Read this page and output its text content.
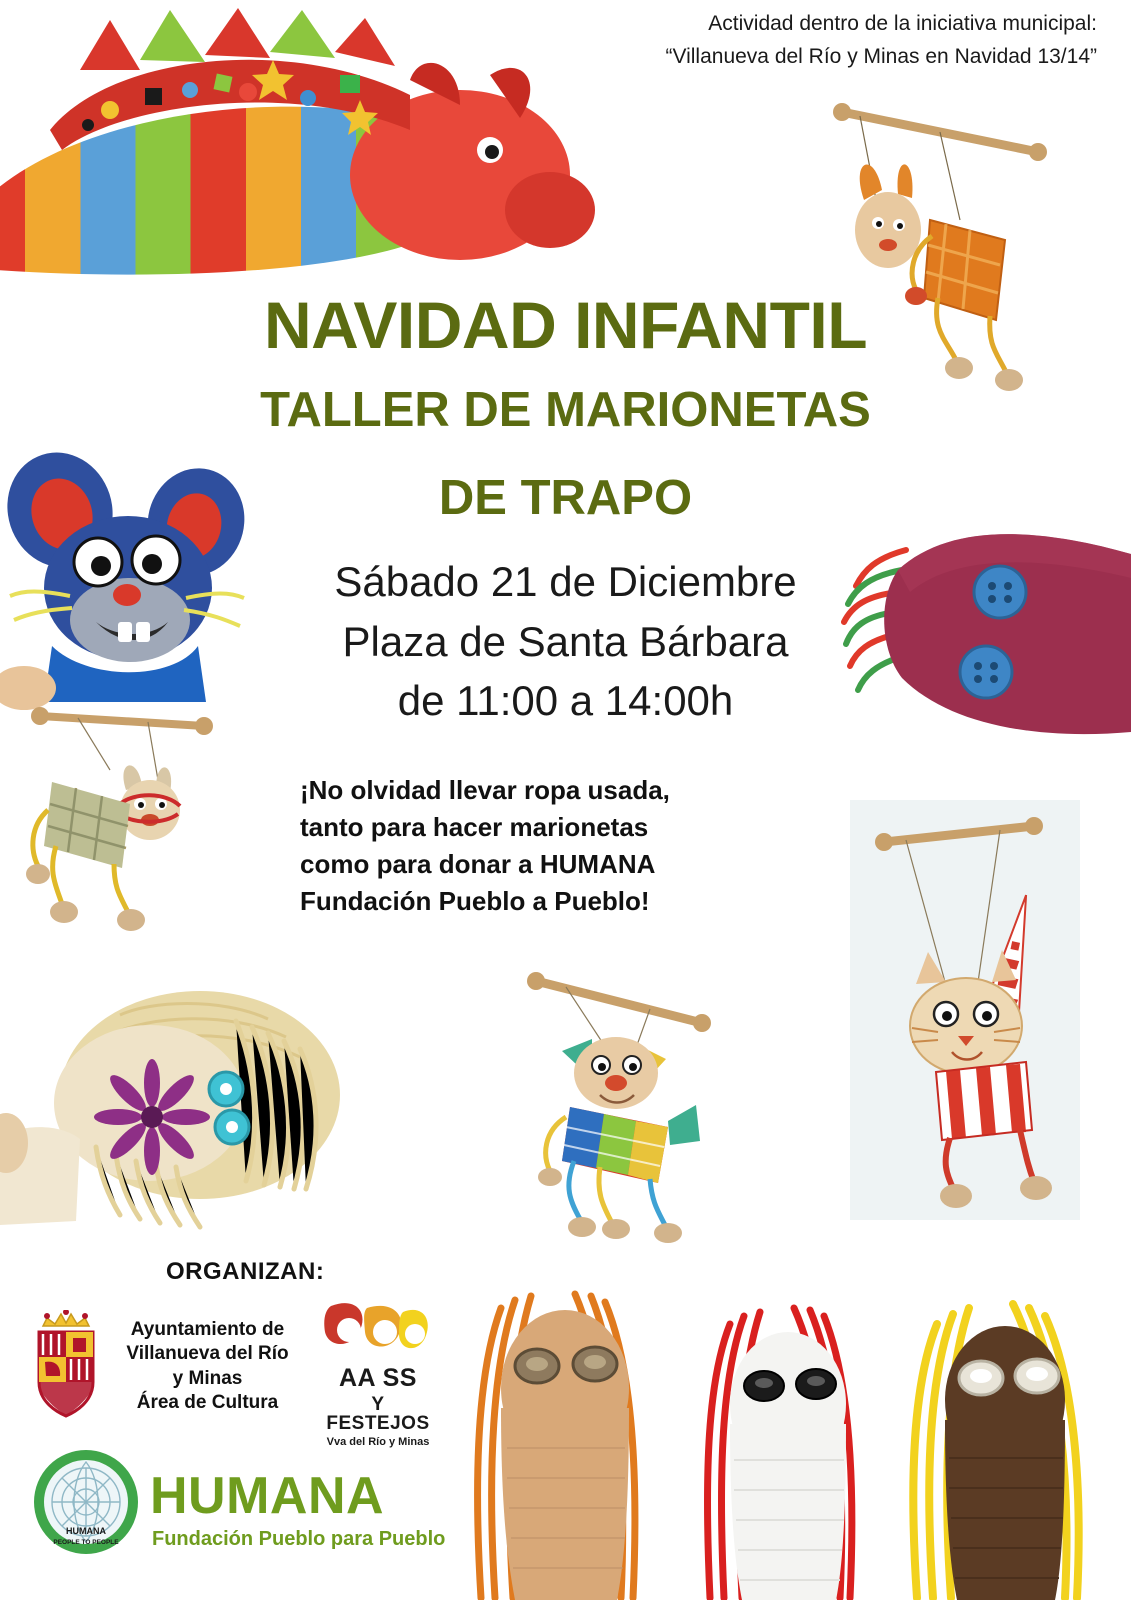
Actividad dentro de la iniciativa municipal:
“Villanueva del Río y Minas en Navidad 13/14”
NAVIDAD INFANTIL
TALLER DE MARIONETAS
DE TRAPO
Sábado 21 de Diciembre
Plaza de Santa Bárbara
de 11:00 a 14:00h
¡No olvidad llevar ropa usada,
tanto para hacer marionetas
como para donar a HUMANA
Fundación Pueblo a Pueblo!
ORGANIZAN:
Ayuntamiento de
Villanueva del Río
y Minas
Área de Cultura
AA SS
Y FESTEJOS
Vva del Río y Minas
HUMANA
PEOPLE TO PEOPLE
HUMANA
Fundación Pueblo para Pueblo
